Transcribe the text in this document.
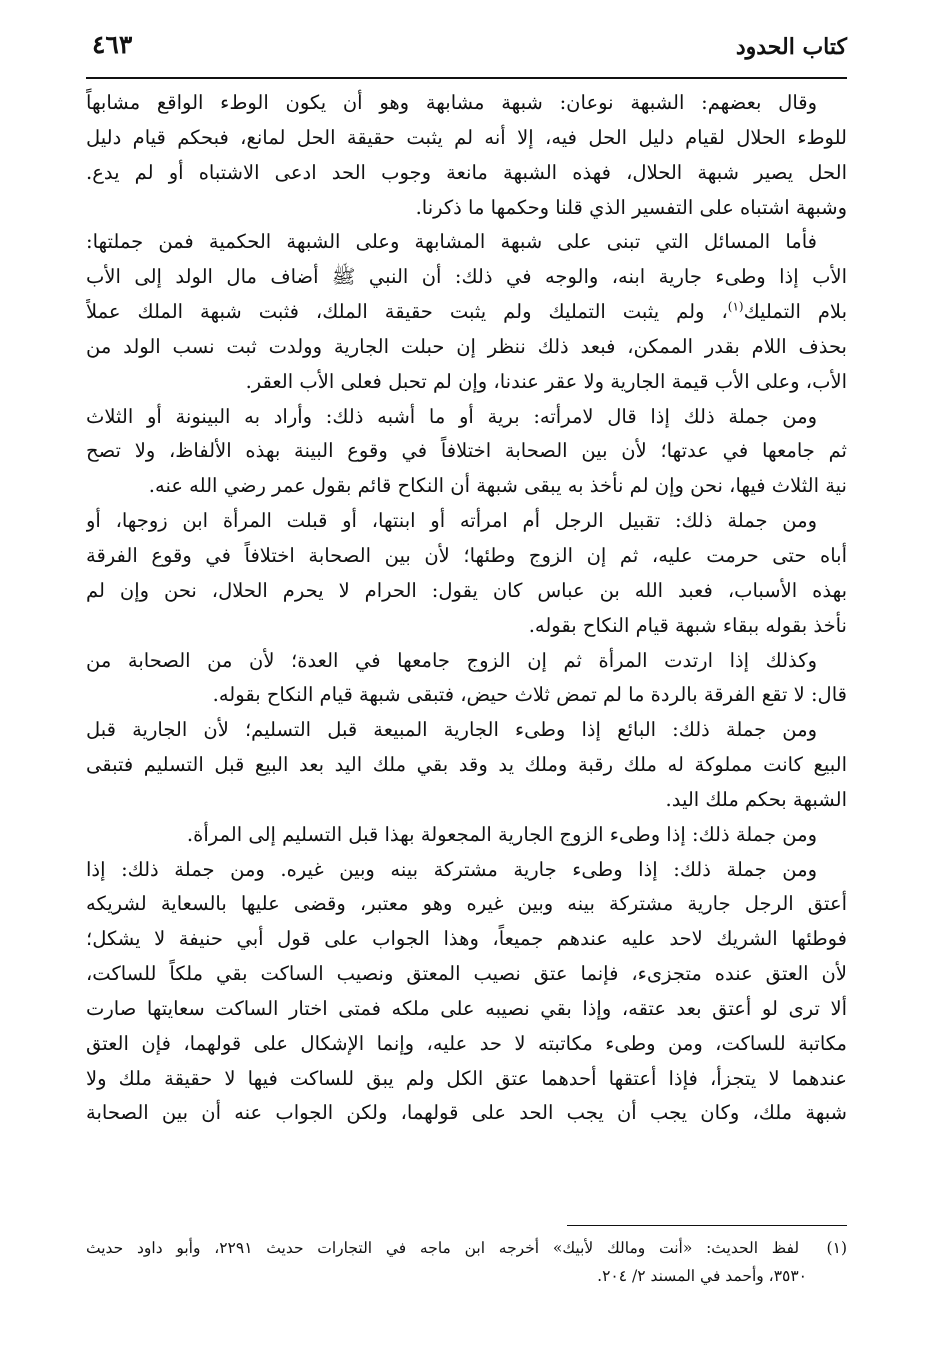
كتاب الحدود
٤٦٣
وقال بعضهم: الشبهة نوعان: شبهة مشابهة وهو أن يكون الوطء الواقع مشابهاً
للوطء الحلال لقيام دليل الحل فيه، إلا أنه لم يثبت حقيقة الحل لمانع، فبحكم قيام دليل
الحل يصير شبهة الحلال، فهذه الشبهة مانعة وجوب الحد ادعى الاشتباه أو لم يدع.
وشبهة اشتباه على التفسير الذي قلنا وحكمها ما ذكرنا.
فأما المسائل التي تبنى على شبهة المشابهة وعلى الشبهة الحكمية فمن جملتها:
الأب إذا وطىء جارية ابنه، والوجه في ذلك: أن النبي ﷺ أضاف مال الولد إلى الأب
بلام التمليك$^{(١)}$، ولم يثبت التمليك ولم يثبت حقيقة الملك، فثبت شبهة الملك عملاً
بحذف اللام بقدر الممكن، فبعد ذلك ننظر إن حبلت الجارية وولدت ثبت نسب الولد من
الأب، وعلى الأب قيمة الجارية ولا عقر عندنا، وإن لم تحبل فعلى الأب العقر.
ومن جملة ذلك إذا قال لامرأته: برية أو ما أشبه ذلك: وأراد به البينونة أو الثلاث
ثم جامعها في عدتها؛ لأن بين الصحابة اختلافاً في وقوع البينة بهذه الألفاظ، ولا تصح
نية الثلاث فيها، نحن وإن لم نأخذ به يبقى شبهة أن النكاح قائم بقول عمر رضي الله عنه.
ومن جملة ذلك: تقبيل الرجل أم امرأته أو ابنتها، أو قبلت المرأة ابن زوجها، أو
أباه حتى حرمت عليه، ثم إن الزوج وطئها؛ لأن بين الصحابة اختلافاً في وقوع الفرقة
بهذه الأسباب، فعبد الله بن عباس كان يقول: الحرام لا يحرم الحلال، نحن وإن لم
نأخذ بقوله ببقاء شبهة قيام النكاح بقوله.
وكذلك إذا ارتدت المرأة ثم إن الزوج جامعها في العدة؛ لأن من الصحابة من
قال: لا تقع الفرقة بالردة ما لم تمض ثلاث حيض، فتبقى شبهة قيام النكاح بقوله.
ومن جملة ذلك: البائع إذا وطىء الجارية المبيعة قبل التسليم؛ لأن الجارية قبل
البيع كانت مملوكة له ملك رقبة وملك يد وقد بقي ملك اليد بعد البيع قبل التسليم فتبقى
الشبهة بحكم ملك اليد.
ومن جملة ذلك: إذا وطىء الزوج الجارية المجعولة بهذا قبل التسليم إلى المرأة.
ومن جملة ذلك: إذا وطىء جارية مشتركة بينه وبين غيره. ومن جملة ذلك: إذا
أعتق الرجل جارية مشتركة بينه وبين غيره وهو معتبر، وقضى عليها بالسعاية لشريكه
فوطئها الشريك لاحد عليه عندهم جميعاً، وهذا الجواب على قول أبي حنيفة لا يشكل؛
لأن العتق عنده متجزىء، فإنما عتق نصيب المعتق ونصيب الساكت بقي ملكاً للساكت،
ألا ترى لو أعتق بعد عتقه، وإذا بقي نصيبه على ملكه فمتى اختار الساكت سعايتها صارت
مكاتبة للساكت، ومن وطىء مكاتبته لا حد عليه، وإنما الإشكال على قولهما، فإن العتق
عندهما لا يتجزأ، فإذا أعتقها أحدهما عتق الكل ولم يبق للساكت فيها لا حقيقة ملك ولا
شبهة ملك، وكان يجب أن يجب الحد على قولهما، ولكن الجواب عنه أن بين الصحابة
(١)  لفظ الحديث: «أنت ومالك لأبيك» أخرجه ابن ماجه في التجارات حديث ٢٢٩١، وأبو داود حديث
٣٥٣٠، وأحمد في المسند ٢/ ٢٠٤.
